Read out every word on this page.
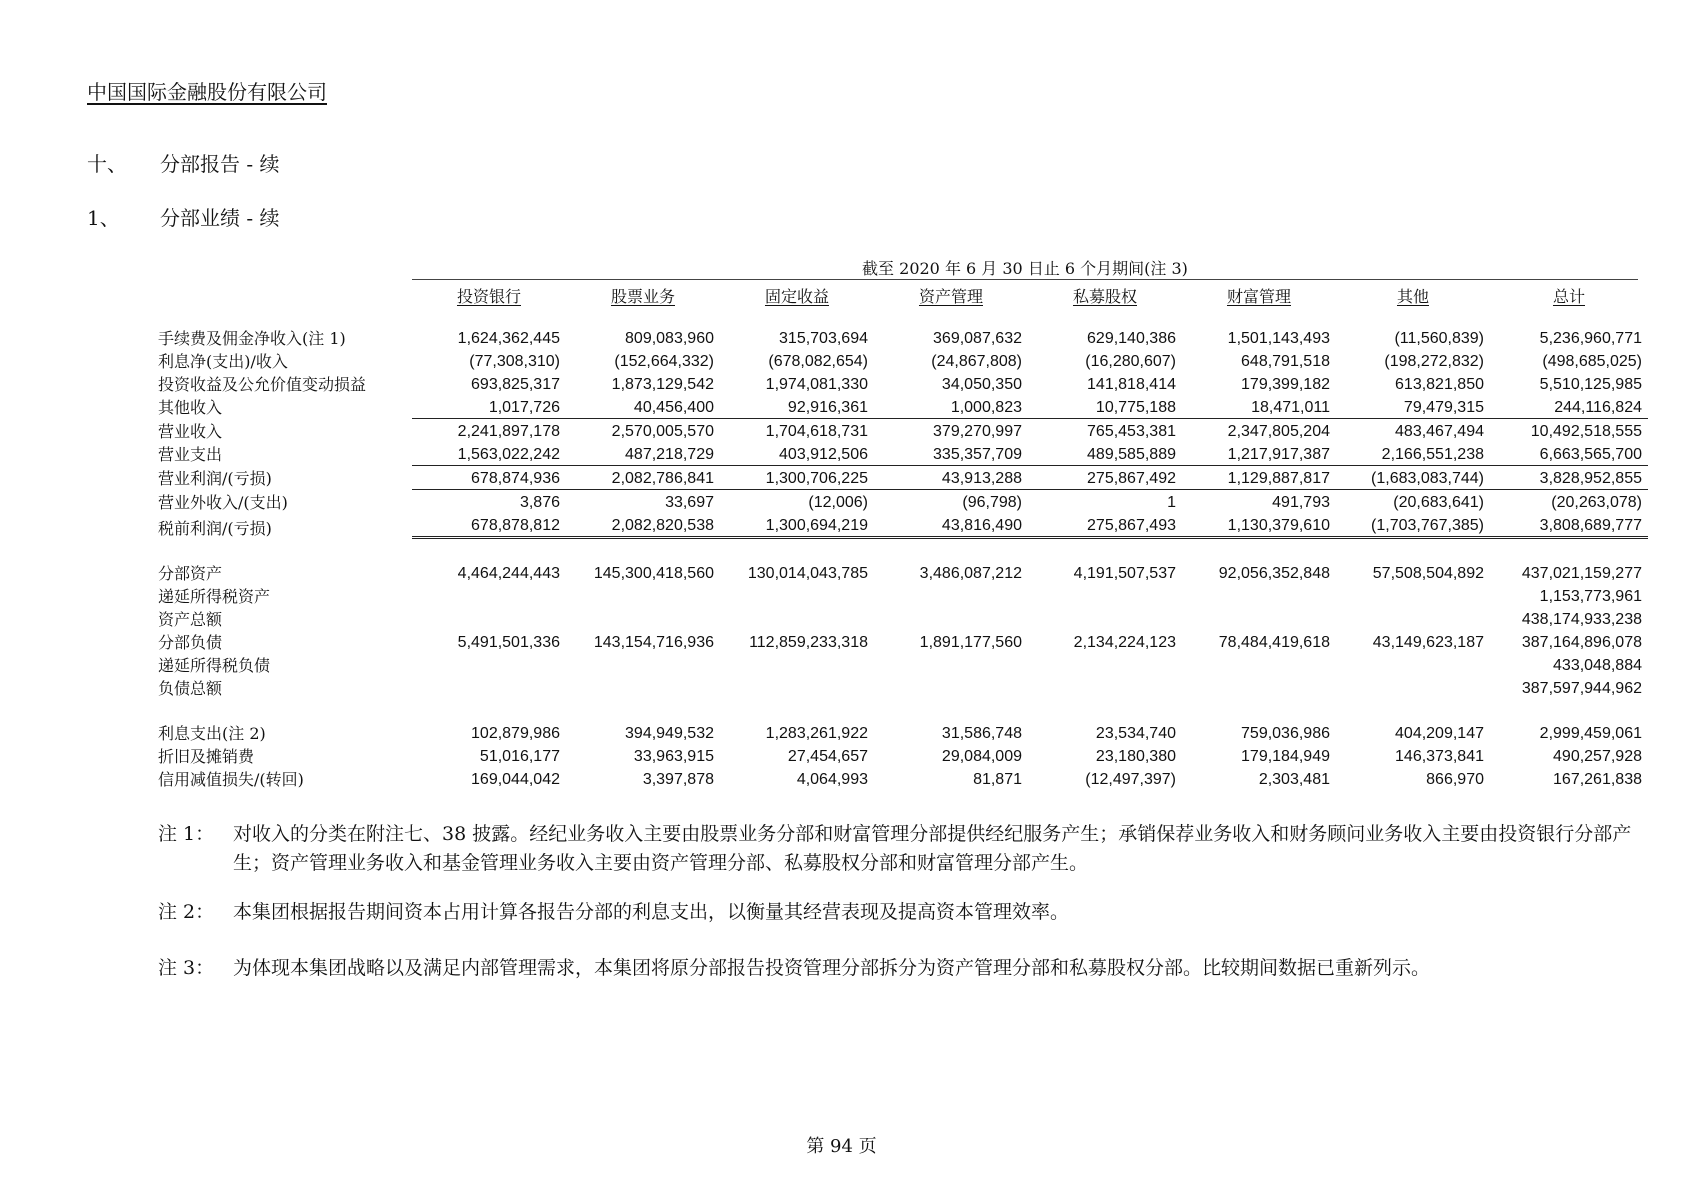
中国国际金融股份有限公司
十、 分部报告 - 续
1、 分部业绩 - 续
截至 2020 年 6 月 30 日止 6 个月期间(注 3)
	投资银行	股票业务	固定收益	资产管理	私募股权	财富管理	其他	总计

手续费及佣金净收入(注 1)	1,624,362,445	809,083,960	315,703,694	369,087,632	629,140,386	1,501,143,493	(11,560,839)	5,236,960,771
利息净(支出)/收入	(77,308,310)	(152,664,332)	(678,082,654)	(24,867,808)	(16,280,607)	648,791,518	(198,272,832)	(498,685,025)
投资收益及公允价值变动损益	693,825,317	1,873,129,542	1,974,081,330	34,050,350	141,818,414	179,399,182	613,821,850	5,510,125,985
其他收入	1,017,726	40,456,400	92,916,361	1,000,823	10,775,188	18,471,011	79,479,315	244,116,824
营业收入	2,241,897,178	2,570,005,570	1,704,618,731	379,270,997	765,453,381	2,347,805,204	483,467,494	10,492,518,555
营业支出	1,563,022,242	487,218,729	403,912,506	335,357,709	489,585,889	1,217,917,387	2,166,551,238	6,663,565,700
营业利润/(亏损)	678,874,936	2,082,786,841	1,300,706,225	43,913,288	275,867,492	1,129,887,817	(1,683,083,744)	3,828,952,855
营业外收入/(支出)	3,876	33,697	(12,006)	(96,798)	1	491,793	(20,683,641)	(20,263,078)
税前利润/(亏损)	678,878,812	2,082,820,538	1,300,694,219	43,816,490	275,867,493	1,130,379,610	(1,703,767,385)	3,808,689,777

分部资产	4,464,244,443	145,300,418,560	130,014,043,785	3,486,087,212	4,191,507,537	92,056,352,848	57,508,504,892	437,021,159,277
递延所得税资产								1,153,773,961
资产总额								438,174,933,238
分部负债	5,491,501,336	143,154,716,936	112,859,233,318	1,891,177,560	2,134,224,123	78,484,419,618	43,149,623,187	387,164,896,078
递延所得税负债								433,048,884
负债总额								387,597,944,962

利息支出(注 2)	102,879,986	394,949,532	1,283,261,922	31,586,748	23,534,740	759,036,986	404,209,147	2,999,459,061
折旧及摊销费	51,016,177	33,963,915	27,454,657	29,084,009	23,180,380	179,184,949	146,373,841	490,257,928
信用减值损失/(转回)	169,044,042	3,397,878	4,064,993	81,871	(12,497,397)	2,303,481	866,970	167,261,838
注 1： 对收入的分类在附注七、38 披露。经纪业务收入主要由股票业务分部和财富管理分部提供经纪服务产生；承销保荐业务收入和财务顾问业务收入主要由投资银行分部产生；资产管理业务收入和基金管理业务收入主要由资产管理分部、私募股权分部和财富管理分部产生。
注 2： 本集团根据报告期间资本占用计算各报告分部的利息支出，以衡量其经营表现及提高资本管理效率。
注 3： 为体现本集团战略以及满足内部管理需求，本集团将原分部报告投资管理分部拆分为资产管理分部和私募股权分部。比较期间数据已重新列示。
第 94 页
